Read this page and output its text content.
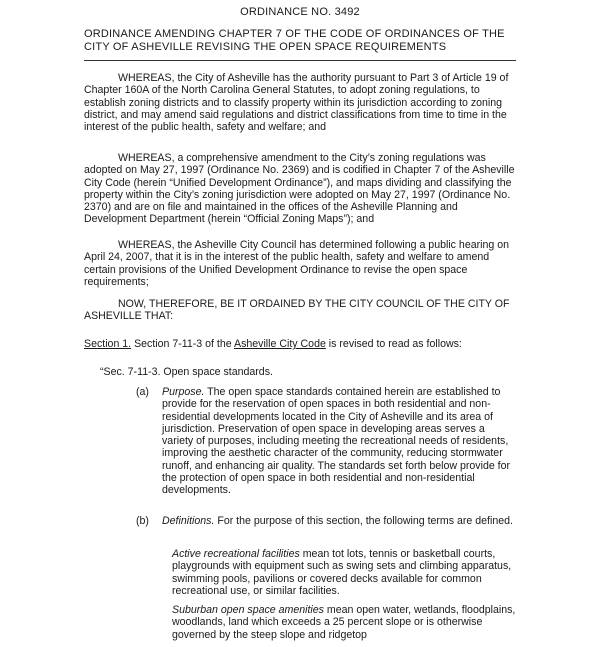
ORDINANCE NO. 3492
ORDINANCE AMENDING CHAPTER 7 OF THE CODE OF ORDINANCES OF THE
CITY OF ASHEVILLE REVISING THE OPEN SPACE REQUIREMENTS

WHEREAS, the City of Asheville has the authority pursuant to Part 3 of Article 19 of Chapter 160A of the North Carolina General Statutes, to adopt zoning regulations, to establish zoning districts and to classify property within its jurisdiction according to zoning district, and may amend said regulations and district classifications from time to time in the interest of the public health, safety and welfare; and

WHEREAS, a comprehensive amendment to the City’s zoning regulations was adopted on May 27, 1997 (Ordinance No. 2369) and is codified in Chapter 7 of the Asheville City Code (herein “Unified Development Ordinance”), and maps dividing and classifying the property within the City’s zoning jurisdiction were adopted on May 27, 1997 (Ordinance No. 2370) and are on file and maintained in the offices of the Asheville Planning and Development Department (herein “Official Zoning Maps”); and

WHEREAS, the Asheville City Council has determined following a public hearing on April 24, 2007, that it is in the interest of the public health, safety and welfare to amend certain provisions of the Unified Development Ordinance to revise the open space requirements;

NOW, THEREFORE, BE IT ORDAINED BY THE CITY COUNCIL OF THE CITY OF ASHEVILLE THAT:

Section 1. Section 7-11-3 of the Asheville City Code is revised to read as follows:

“Sec. 7-11-3. Open space standards.
(a) Purpose. The open space standards contained herein are established to provide for the reservation of open spaces in both residential and non-residential developments located in the City of Asheville and its area of jurisdiction. Preservation of open space in developing areas serves a variety of purposes, including meeting the recreational needs of residents, improving the aesthetic character of the community, reducing stormwater runoff, and enhancing air quality. The standards set forth below provide for the protection of open space in both residential and non-residential developments.
(b) Definitions. For the purpose of this section, the following terms are defined.

Active recreational facilities mean tot lots, tennis or basketball courts, playgrounds with equipment such as swing sets and climbing apparatus, swimming pools, pavilions or covered decks available for common recreational use, or similar facilities.

Suburban open space amenities mean open water, wetlands, floodplains, woodlands, land which exceeds a 25 percent slope or is otherwise governed by the steep slope and ridgetop
